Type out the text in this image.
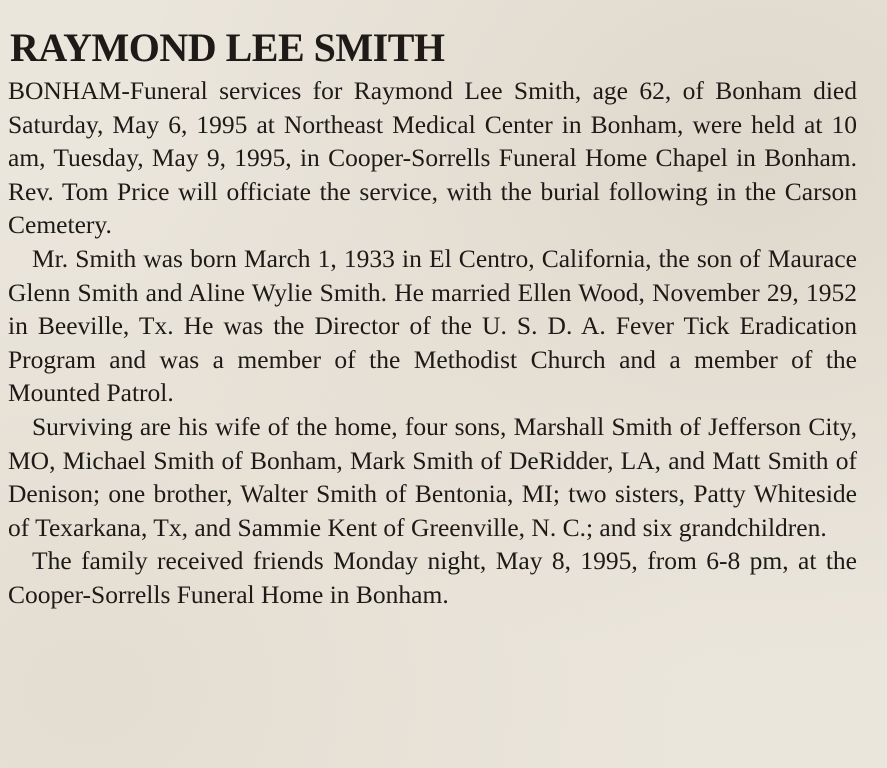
RAYMOND LEE SMITH

BONHAM-Funeral services for Raymond Lee Smith, age 62, of Bonham died Saturday, May 6, 1995 at Northeast Medical Center in Bonham, were held at 10 am, Tuesday, May 9, 1995, in Cooper-Sorrells Funeral Home Chapel in Bonham. Rev. Tom Price will officiate the service, with the burial following in the Carson Cemetery.

Mr. Smith was born March 1, 1933 in El Centro, California, the son of Maurace Glenn Smith and Aline Wylie Smith. He married Ellen Wood, November 29, 1952 in Beeville, Tx. He was the Director of the U. S. D. A. Fever Tick Eradication Program and was a member of the Methodist Church and a member of the Mounted Patrol.

Surviving are his wife of the home, four sons, Marshall Smith of Jefferson City, MO, Michael Smith of Bonham, Mark Smith of DeRidder, LA, and Matt Smith of Denison; one brother, Walter Smith of Bentonia, MI; two sisters, Patty Whiteside of Texarkana, Tx, and Sammie Kent of Greenville, N. C.; and six grandchildren.

The family received friends Monday night, May 8, 1995, from 6-8 pm, at the Cooper-Sorrells Funeral Home in Bonham.
